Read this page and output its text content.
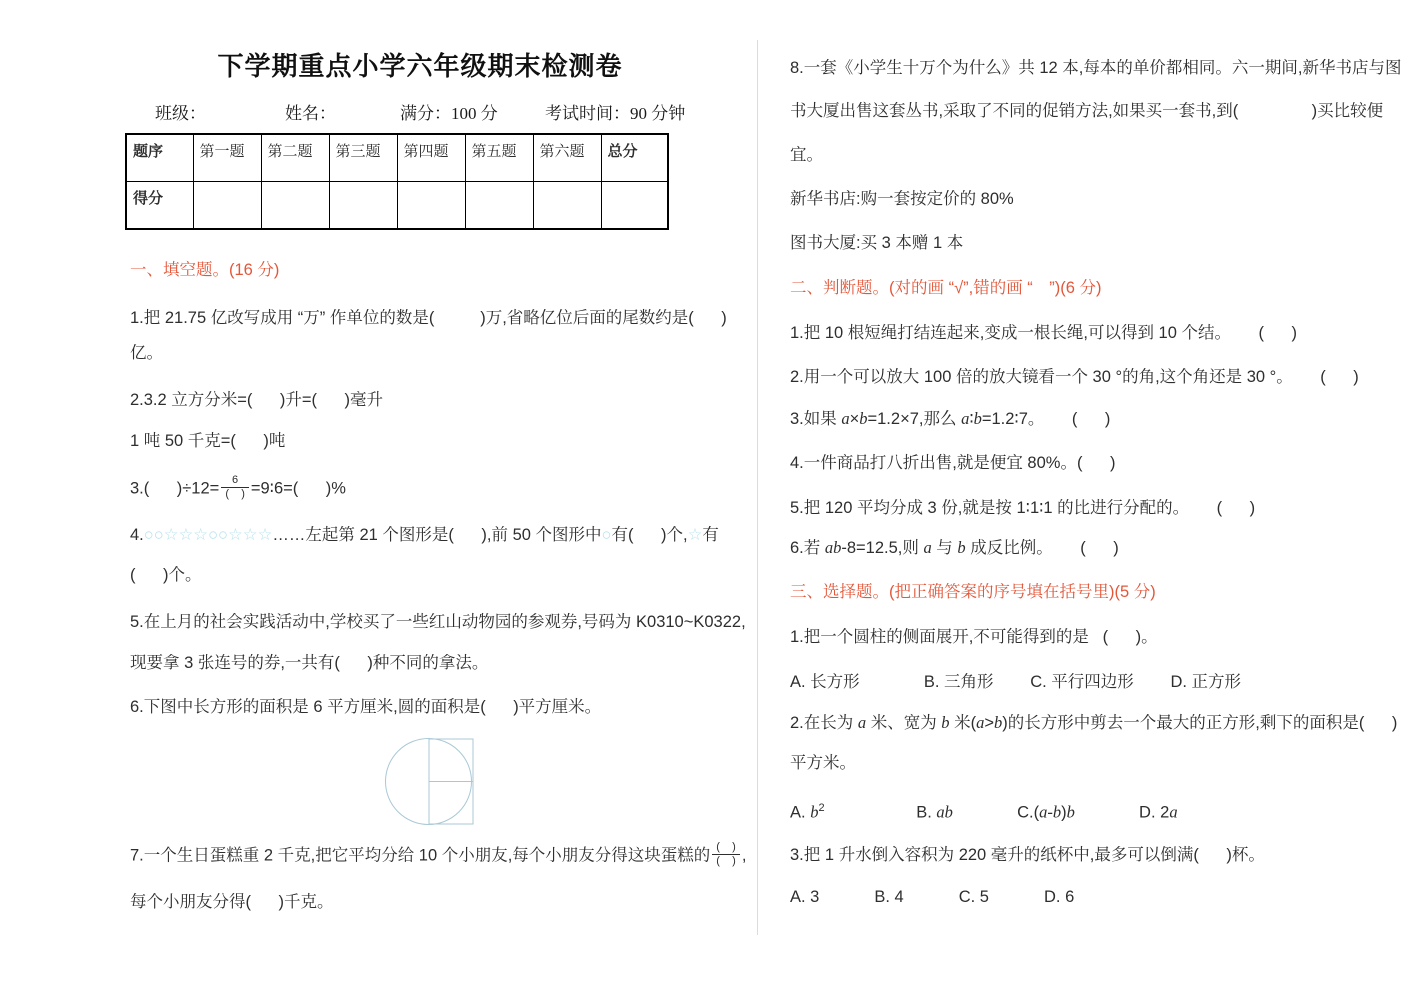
下学期重点小学六年级期末检测卷
班级：	姓名：	满分：100 分	考试时间：90 分钟
题序	第一题	第二题	第三题	第四题	第五题	第六题	总分
得分							
一、填空题。(16 分)
1.把 21.75 亿改写成用 “万” 作单位的数是(          )万,省略亿位后面的尾数约是(      )
亿。
2.3.2 立方分米=(      )升=(      )毫升
1 吨 50 千克=(      )吨
3.(      )$\div 12= \frac{6}{( )}$ =9∶6=(      )%
4.○○☆☆☆○○☆☆☆……左起第 21 个图形是(      ),前 50 个图形中○有(      )个,☆有
(      )个。
5.在上月的社会实践活动中,学校买了一些红山动物园的参观券,号码为 K0310~K0322,
现要拿 3 张连号的券,一共有(      )种不同的拿法。
6.下图中长方形的面积是 6 平方厘米,圆的面积是(      )平方厘米。
7.一个生日蛋糕重 2 千克,把它平均分给 10 个小朋友,每个小朋友分得这块蛋糕的 $\frac{( )}{( )}$ ,
每个小朋友分得(      )千克。
8.一套《小学生十万个为什么》共 12 本,每本的单价都相同。六一期间,新华书店与图
书大厦出售这套丛书,采取了不同的促销方法,如果买一套书,到(                )买比较便
宜。
新华书店:购一套按定价的 80%
图书大厦:买 3 本赠 1 本
二、判断题。(对的画 “√”,错的画 “　”)(6 分)
1.把 10 根短绳打结连起来,变成一根长绳,可以得到 10 个结。      (      )
2.用一个可以放大 100 倍的放大镜看一个 30 °的角,这个角还是 30 °。      (      )
3.如果 a×b=1.2×7,那么 a∶b=1.2∶7。      (      )
4.一件商品打八折出售,就是便宜 80%。(      )
5.把 120 平均分成 3 份,就是按 1∶1∶1 的比进行分配的。      (      )
6.若 ab-8=12.5,则 a 与 b 成反比例。      (      )
三、选择题。(把正确答案的序号填在括号里)(5 分)
1.把一个圆柱的侧面展开,不可能得到的是   (      )。
A. 长方形              B. 三角形        C. 平行四边形        D. 正方形
2.在长为 a 米、宽为 b 米(a>b)的长方形中剪去一个最大的正方形,剩下的面积是(      )
平方米。
A. $b^2$                    B. ab              C.(a-b)b              D. 2a
3.把 1 升水倒入容积为 220 毫升的纸杯中,最多可以倒满(      )杯。
A. 3            B. 4            C. 5            D. 6
